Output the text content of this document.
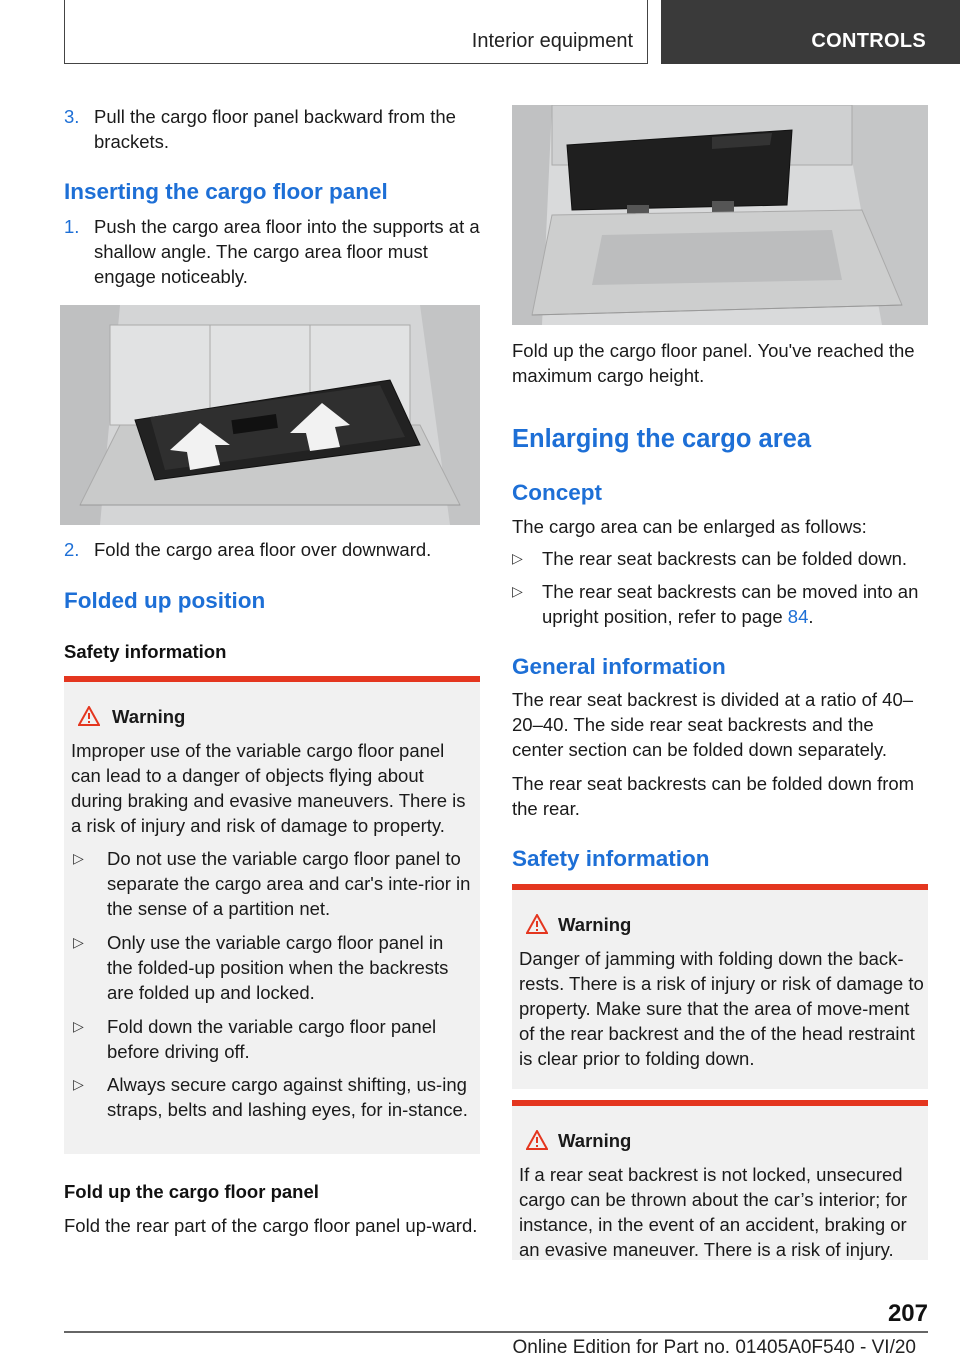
Interior equipment	CONTROLS
3. Pull the cargo floor panel backward from the brackets.
Inserting the cargo floor panel
1. Push the cargo area floor into the supports at a shallow angle. The cargo area floor must engage noticeably.
2. Fold the cargo area floor over downward.
Folded up position
Safety information
Warning
Improper use of the variable cargo floor panel can lead to a danger of objects flying about during braking and evasive maneuvers. There is a risk of injury and risk of damage to property.
▷	Do not use the variable cargo floor panel to separate the cargo area and car's inte‐rior in the sense of a partition net.
▷	Only use the variable cargo floor panel in the folded-up position when the backrests are folded up and locked.
▷	Fold down the variable cargo floor panel before driving off.
▷	Always secure cargo against shifting, us‐ing straps, belts and lashing eyes, for in‐stance.
Fold up the cargo floor panel
Fold the rear part of the cargo floor panel up‐ward.
Fold up the cargo floor panel. You've reached the maximum cargo height.
Enlarging the cargo area
Concept
The cargo area can be enlarged as follows:
▷	The rear seat backrests can be folded down.
▷	The rear seat backrests can be moved into an upright position, refer to page 84.
General information
The rear seat backrest is divided at a ratio of 40–20–40. The side rear seat backrests and the center section can be folded down separately.
The rear seat backrests can be folded down from the rear.
Safety information
Warning
Danger of jamming with folding down the back‐rests. There is a risk of injury or risk of damage to property. Make sure that the area of move‐ment of the rear backrest and the of the head restraint is clear prior to folding down.
Warning
If a rear seat backrest is not locked, unsecured cargo can be thrown about the car’s interior; for instance, in the event of an accident, braking or an evasive maneuver. There is a risk of injury.
207
Online Edition for Part no. 01405A0F540 - VI/20
